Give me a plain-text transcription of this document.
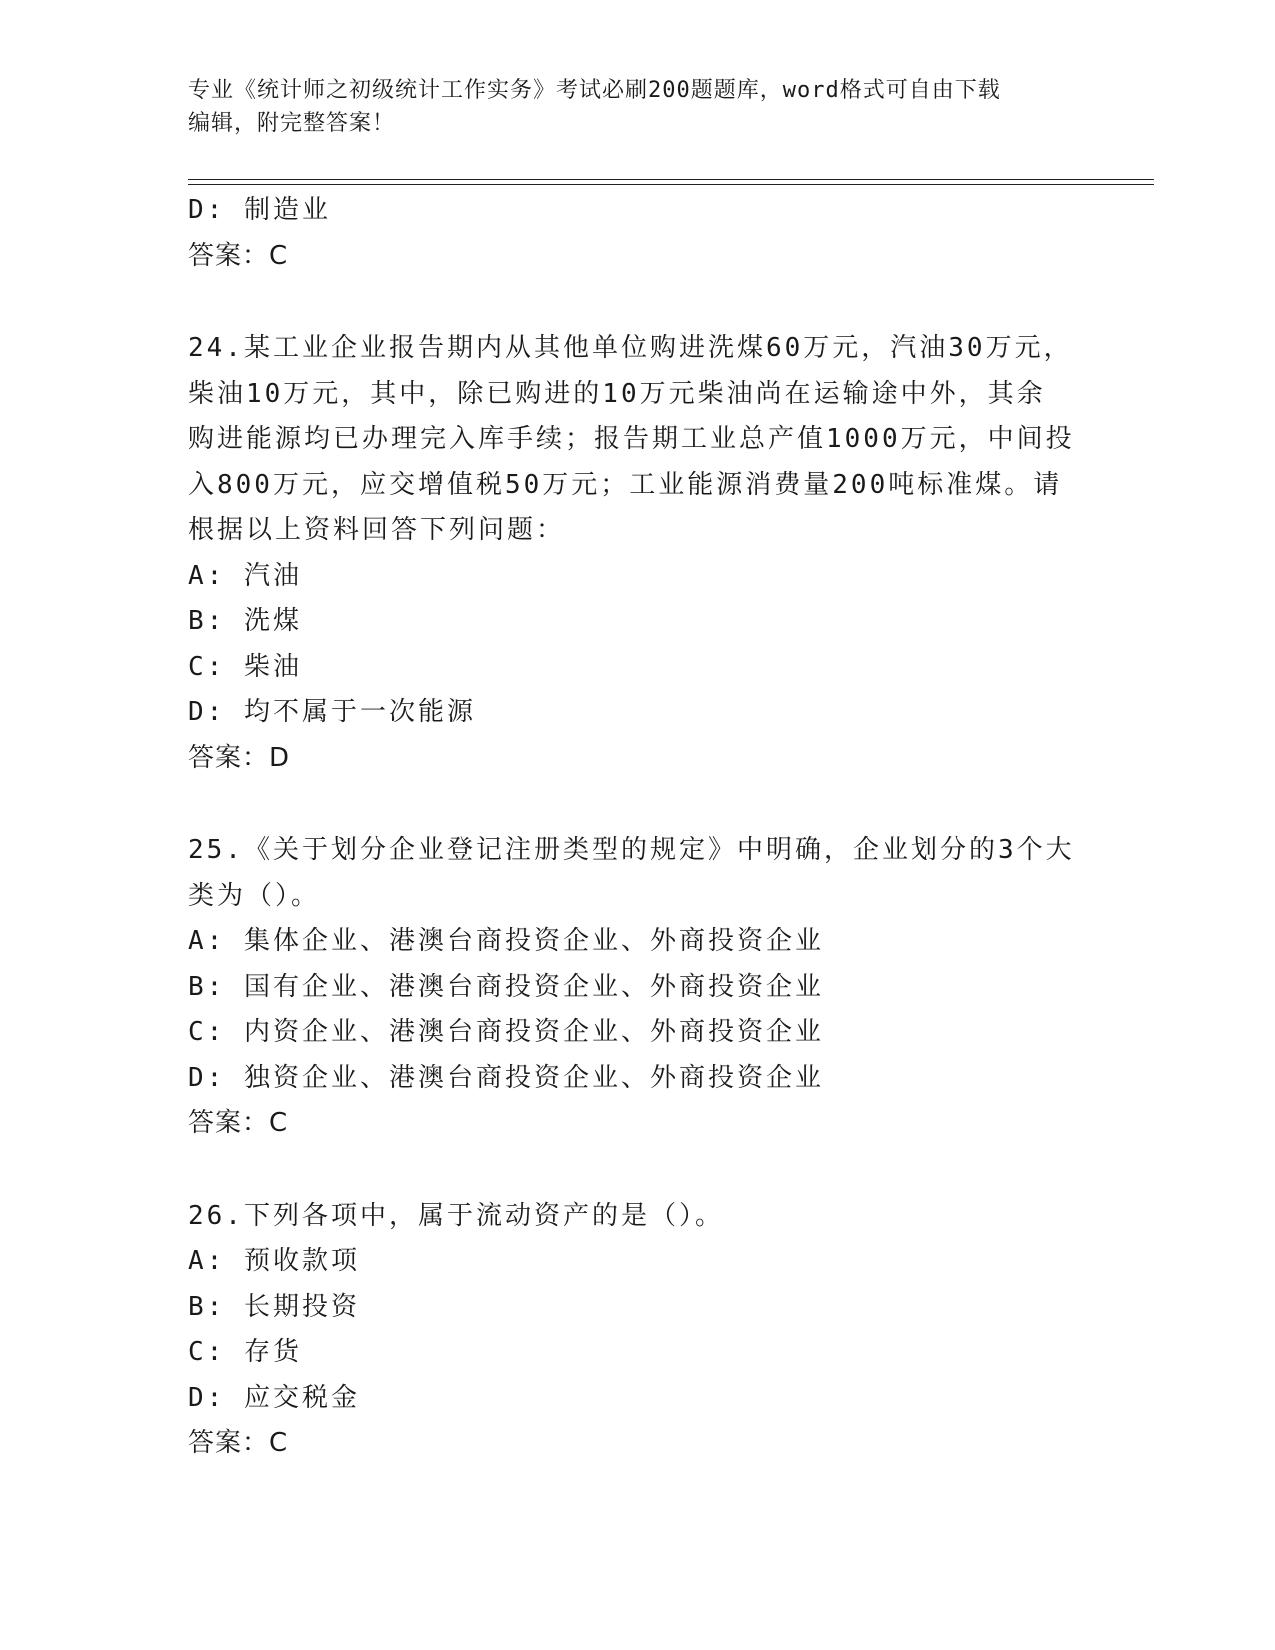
专业《统计师之初级统计工作实务》考试必刷200题题库，word格式可自由下载
编辑，附完整答案！
D: 制造业
答案：C
24.某工业企业报告期内从其他单位购进洗煤60万元，汽油30万元，
柴油10万元，其中，除已购进的10万元柴油尚在运输途中外，其余
购进能源均已办理完入库手续；报告期工业总产值1000万元，中间投
入800万元，应交增值税50万元；工业能源消费量200吨标准煤。请
根据以上资料回答下列问题：
A: 汽油
B: 洗煤
C: 柴油
D: 均不属于一次能源
答案：D
25.《关于划分企业登记注册类型的规定》中明确，企业划分的3个大
类为（）。
A: 集体企业、港澳台商投资企业、外商投资企业
B: 国有企业、港澳台商投资企业、外商投资企业
C: 内资企业、港澳台商投资企业、外商投资企业
D: 独资企业、港澳台商投资企业、外商投资企业
答案：C
26.下列各项中，属于流动资产的是（）。
A: 预收款项
B: 长期投资
C: 存货
D: 应交税金
答案：C
